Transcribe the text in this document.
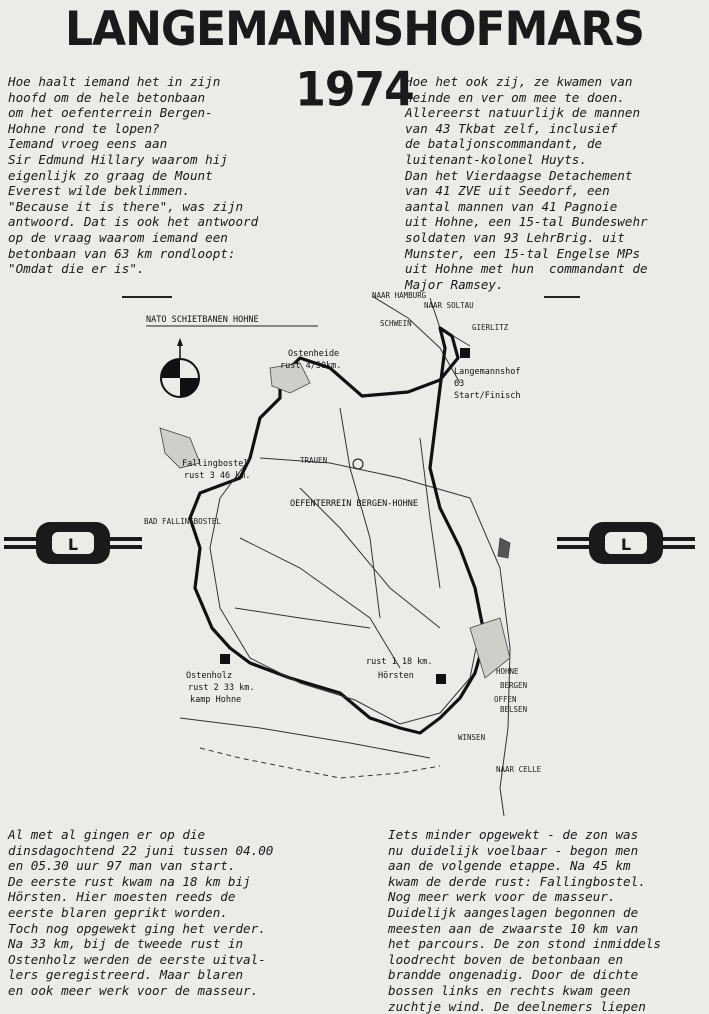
LANGEMANNSHOFMARS 1974

Hoe haalt iemand het in zijn

hoofd om de hele betonbaan

om het oefenterrein Bergen-

Hohne rond te lopen?

Iemand vroeg eens aan

Sir Edmund Hillary waarom hij

eigenlijk zo graag de Mount

Everest wilde beklimmen.

"Because it is there", was zijn

antwoord. Dat is ook het antwoord

op de vraag waarom iemand een

betonbaan van 63 km rondloopt:

"Omdat die er is".

Hoe het ook zij, ze kwamen van

heinde en ver om mee te doen.

Allereerst natuurlijk de mannen

van 43 Tkbat zelf, inclusief

de bataljonscommandant, de

luitenant-kolonel Huyts.

Dan het Vierdaagse Detachement

van 41 ZVE uit Seedorf, een

aantal mannen van 41 Pagnoie

uit Hohne, een 15-tal Bundeswehr

soldaten van 93 LehrBrig. uit

Munster, een 15-tal Engelse MPs

uit Hohne met hun  commandant de

Major Ramsey.

L	L
NATO SCHIETBANEN HOHNE
Ostenheide
rust 4/50km.
Langemannshof
63
Start/Finisch
Fallingbostel
rust 3 46 km.
OEFENTERREIN BERGEN-HOHNE
Ostenholz
rust 2 33 km.
kamp Hohne
rust 1 18 km.
Hörsten
NAAR HAMBURG
NAAR SOLTAU
GIERLITZ
SCHWEIN
BERGEN
BELSEN
OFFEN
HOHNE
NAAR CELLE
TRAUEN
BAD FALLINGBOSTEL
WINSEN

Al met al gingen er op die

dinsdagochtend 22 juni tussen 04.00

en 05.30 uur 97 man van start.

De eerste rust kwam na 18 km bij

Hörsten. Hier moesten reeds de

eerste blaren geprikt worden.

Toch nog opgewekt ging het verder.

Na 33 km, bij de tweede rust in

Ostenholz werden de eerste uitval-

lers geregistreerd. Maar blaren

en ook meer werk voor de masseur.

Iets minder opgewekt - de zon was

nu duidelijk voelbaar - begon men

aan de volgende etappe. Na 45 km

kwam de derde rust: Fallingbostel.

Nog meer werk voor de masseur.

Duidelijk aangeslagen begonnen de

meesten aan de zwaarste 10 km van

het parcours. De zon stond inmiddels

loodrecht boven de betonbaan en

brandde ongenadig. Door de dichte

bossen links en rechts kwam geen

zuchtje wind. De deelnemers liepen
